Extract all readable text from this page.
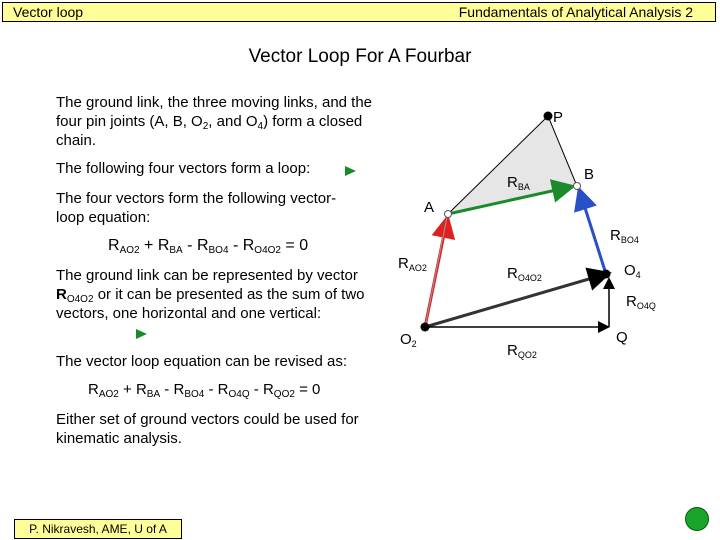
Vector loop	Fundamentals of Analytical Analysis 2
Vector Loop For A Fourbar
The ground link, the three moving links, and the four pin joints (A, B, $O_2$, and $O_4$) form a closed chain.
The following four vectors form a loop:
The four vectors form the following vector-loop equation:
$R_{AO2} + R_{BA} - R_{BO4} - R_{O4O2} = 0$
The ground link can be represented by vector $R_{O4O2}$ or it can be presented as the sum of two vectors, one horizontal and one vertical:
The vector loop equation can be revised as:
$R_{AO2} + R_{BA} - R_{BO4} - R_{O4Q} - R_{QO2} = 0$
Either set of ground vectors could be used for kinematic analysis.
P
B
A
$O_2$
$O_4$
Q
$R_{BA}$
$R_{BO4}$
$R_{AO2}$	$R_{O4O2}$
$R_{O4Q}$
$R_{QO2}$
P. Nikravesh, AME, U of A
